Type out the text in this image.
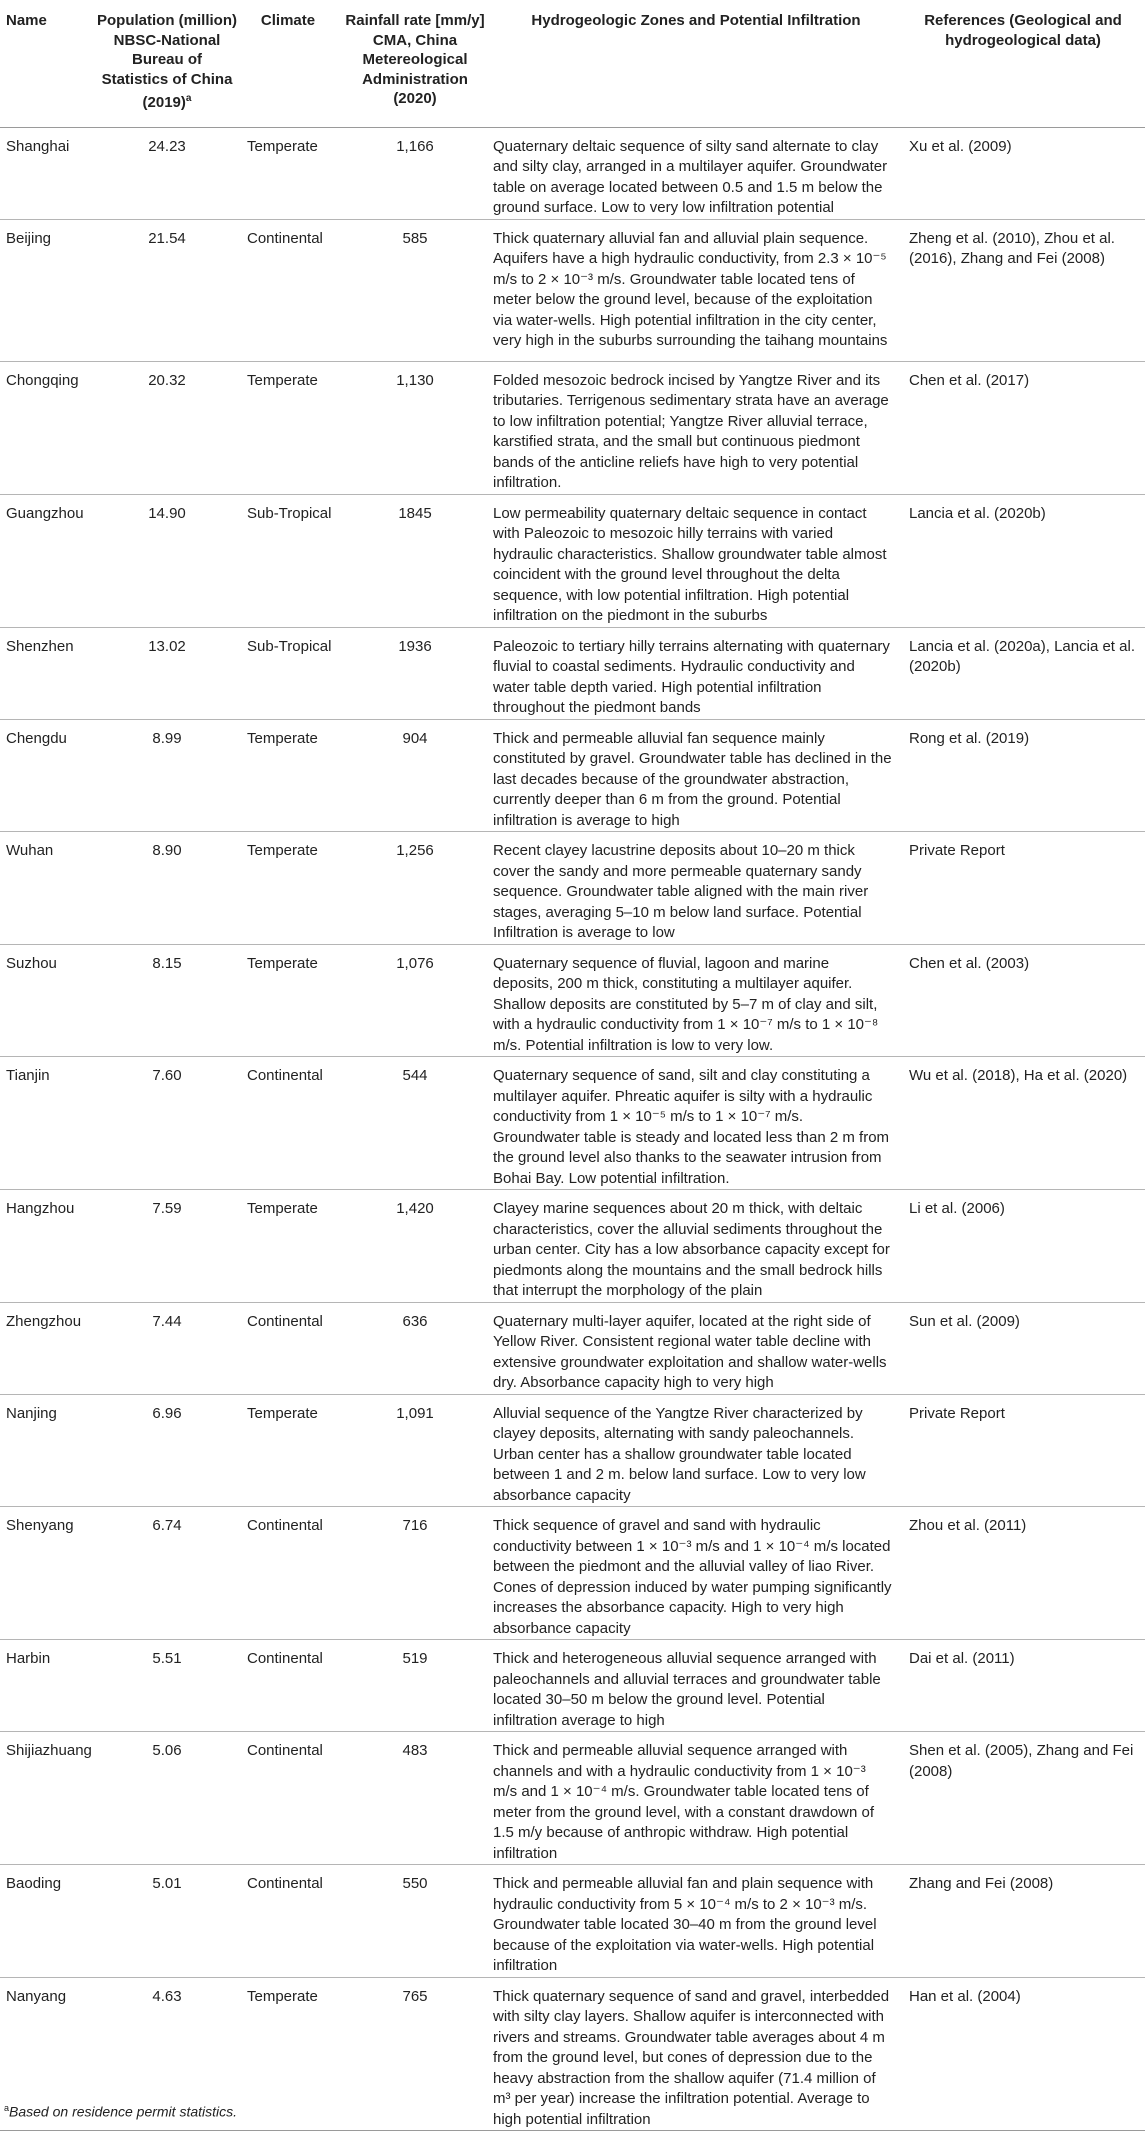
Name	Population (million) NBSC-National Bureau of Statistics of China $(2019)^a$	Climate	Rainfall rate [mm/y] CMA, China Metereological Administration (2020)	Hydrogeologic Zones and Potential Infiltration	References (Geological and hydrogeological data)
Shanghai	24.23	Temperate	1,166	Quaternary deltaic sequence of silty sand alternate to clay and silty clay, arranged in a multilayer aquifer. Groundwater table on average located between 0.5 and 1.5 m below the ground surface. Low to very low infiltration potential	Xu et al. (2009)
Beijing	21.54	Continental	585	Thick quaternary alluvial fan and alluvial plain sequence. Aquifers have a high hydraulic conductivity, from 2.3 × 10⁻⁵ m/s to 2 × 10⁻³ m/s. Groundwater table located tens of meter below the ground level, because of the exploitation via water-wells. High potential infiltration in the city center, very high in the suburbs surrounding the taihang mountains	Zheng et al. (2010), Zhou et al. (2016), Zhang and Fei (2008)
Chongqing	20.32	Temperate	1,130	Folded mesozoic bedrock incised by Yangtze River and its tributaries. Terrigenous sedimentary strata have an average to low infiltration potential; Yangtze River alluvial terrace, karstified strata, and the small but continuous piedmont bands of the anticline reliefs have high to very potential infiltration.	Chen et al. (2017)
Guangzhou	14.90	Sub-Tropical	1845	Low permeability quaternary deltaic sequence in contact with Paleozoic to mesozoic hilly terrains with varied hydraulic characteristics. Shallow groundwater table almost coincident with the ground level throughout the delta sequence, with low potential infiltration. High potential infiltration on the piedmont in the suburbs	Lancia et al. (2020b)
Shenzhen	13.02	Sub-Tropical	1936	Paleozoic to tertiary hilly terrains alternating with quaternary fluvial to coastal sediments. Hydraulic conductivity and water table depth varied. High potential infiltration throughout the piedmont bands	Lancia et al. (2020a), Lancia et al. (2020b)
Chengdu	8.99	Temperate	904	Thick and permeable alluvial fan sequence mainly constituted by gravel. Groundwater table has declined in the last decades because of the groundwater abstraction, currently deeper than 6 m from the ground. Potential infiltration is average to high	Rong et al. (2019)
Wuhan	8.90	Temperate	1,256	Recent clayey lacustrine deposits about 10–20 m thick cover the sandy and more permeable quaternary sandy sequence. Groundwater table aligned with the main river stages, averaging 5–10 m below land surface. Potential Infiltration is average to low	Private Report
Suzhou	8.15	Temperate	1,076	Quaternary sequence of fluvial, lagoon and marine deposits, 200 m thick, constituting a multilayer aquifer. Shallow deposits are constituted by 5–7 m of clay and silt, with a hydraulic conductivity from 1 × 10⁻⁷ m/s to 1 × 10⁻⁸ m/s. Potential infiltration is low to very low.	Chen et al. (2003)
Tianjin	7.60	Continental	544	Quaternary sequence of sand, silt and clay constituting a multilayer aquifer. Phreatic aquifer is silty with a hydraulic conductivity from 1 × 10⁻⁵ m/s to 1 × 10⁻⁷ m/s. Groundwater table is steady and located less than 2 m from the ground level also thanks to the seawater intrusion from Bohai Bay. Low potential infiltration.	Wu et al. (2018), Ha et al. (2020)
Hangzhou	7.59	Temperate	1,420	Clayey marine sequences about 20 m thick, with deltaic characteristics, cover the alluvial sediments throughout the urban center. City has a low absorbance capacity except for piedmonts along the mountains and the small bedrock hills that interrupt the morphology of the plain	Li et al. (2006)
Zhengzhou	7.44	Continental	636	Quaternary multi-layer aquifer, located at the right side of Yellow River. Consistent regional water table decline with extensive groundwater exploitation and shallow water-wells dry. Absorbance capacity high to very high	Sun et al. (2009)
Nanjing	6.96	Temperate	1,091	Alluvial sequence of the Yangtze River characterized by clayey deposits, alternating with sandy paleochannels. Urban center has a shallow groundwater table located between 1 and 2 m. below land surface. Low to very low absorbance capacity	Private Report
Shenyang	6.74	Continental	716	Thick sequence of gravel and sand with hydraulic conductivity between 1 × 10⁻³ m/s and 1 × 10⁻⁴ m/s located between the piedmont and the alluvial valley of liao River. Cones of depression induced by water pumping significantly increases the absorbance capacity. High to very high absorbance capacity	Zhou et al. (2011)
Harbin	5.51	Continental	519	Thick and heterogeneous alluvial sequence arranged with paleochannels and alluvial terraces and groundwater table located 30–50 m below the ground level. Potential infiltration average to high	Dai et al. (2011)
Shijiazhuang	5.06	Continental	483	Thick and permeable alluvial sequence arranged with channels and with a hydraulic conductivity from 1 × 10⁻³ m/s and 1 × 10⁻⁴ m/s. Groundwater table located tens of meter from the ground level, with a constant drawdown of 1.5 m/y because of anthropic withdraw. High potential infiltration	Shen et al. (2005), Zhang and Fei (2008)
Baoding	5.01	Continental	550	Thick and permeable alluvial fan and plain sequence with hydraulic conductivity from 5 × 10⁻⁴ m/s to 2 × 10⁻³ m/s. Groundwater table located 30–40 m from the ground level because of the exploitation via water-wells. High potential infiltration	Zhang and Fei (2008)
Nanyang	4.63	Temperate	765	Thick quaternary sequence of sand and gravel, interbedded with silty clay layers. Shallow aquifer is interconnected with rivers and streams. Groundwater table averages about 4 m from the ground level, but cones of depression due to the heavy abstraction from the shallow aquifer (71.4 million of m³ per year) increase the infiltration potential. Average to high potential infiltration	Han et al. (2004)
$^a$Based on residence permit statistics.
